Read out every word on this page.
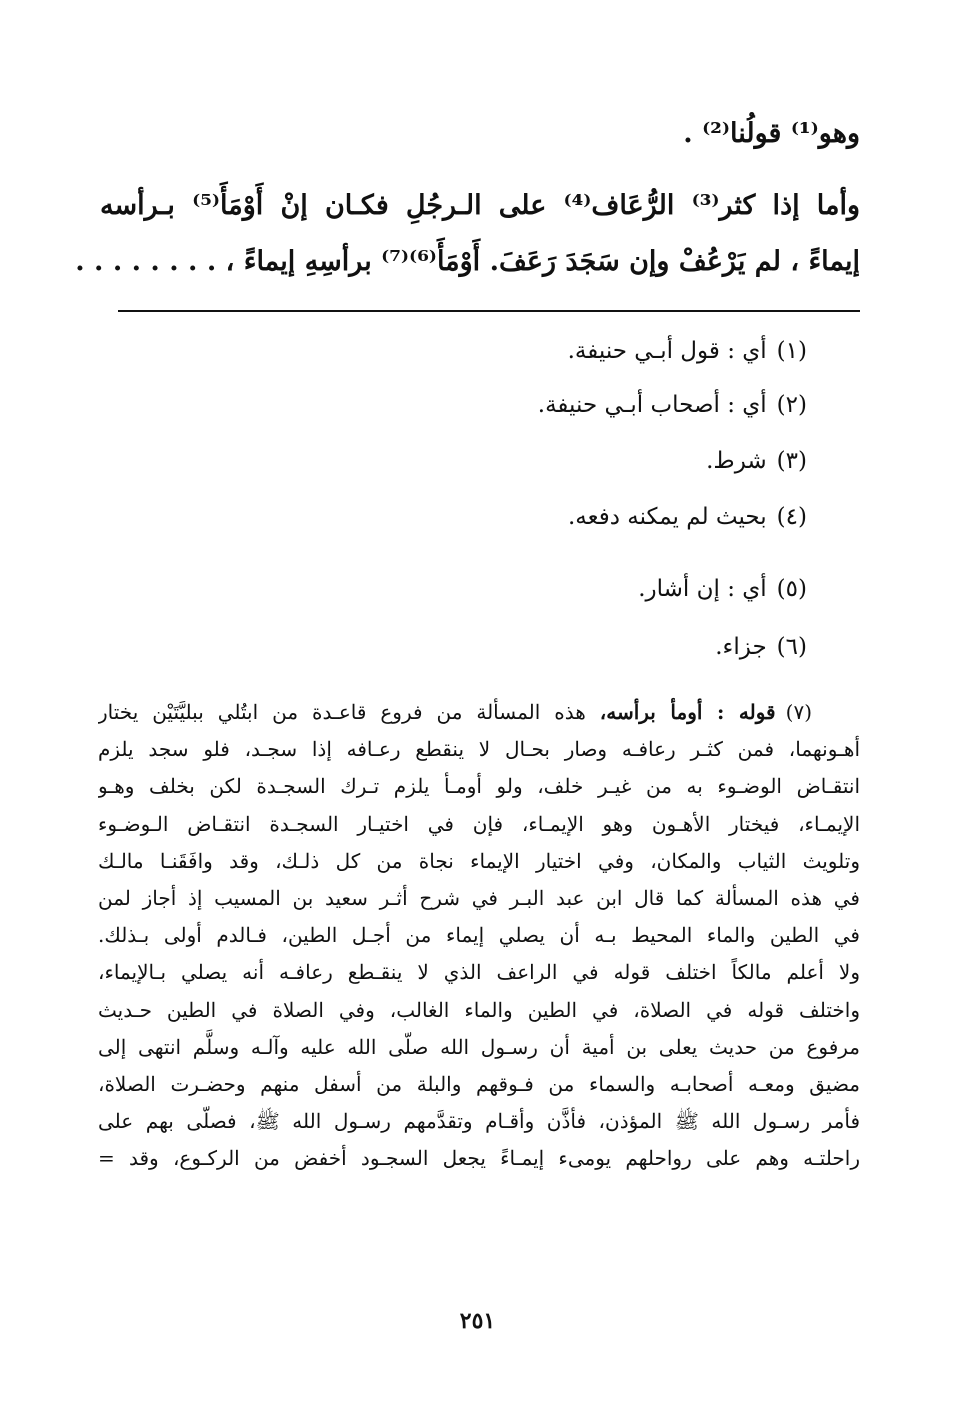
وهو⁽¹⁾ قولُنا⁽²⁾ .
وأما إذا كثر⁽³⁾ الرُّعَاف⁽⁴⁾ على الـرجُلِ فكـان إنْ أَوْمَأَ⁽⁵⁾ بـرأسه
إيماءً ، لم يَرْعُفْ وإن سَجَدَ رَعَفَ. أَوْمَأَ⁽⁶⁾⁽⁷⁾ برأسِهِ إيماءً ، . . . . . . . .
(١)أي : قول أبـي حنيفة.
(٢)أي : أصحاب أبـي حنيفة.
(٣)شرط.
(٤)بحيث لم يمكنه دفعه.
(٥)أي : إن أشار.
(٦)جزاء.
(٧)قوله : أومأ برأسه، هذه المسألة من فروع قاعـدة من ابتُلي ببليَّتَيْن يختار
أهـونهما، فمن كثـر رعافـه وصار بحـال لا ينقطع رعـافه إذا سجـد، فلو سجد يلزم
انتقـاض الوضـوء به من غيـر خلف، ولو أومـأ يلزم تـرك السجـدة لكن بخلف وهـو
الإيمـاء، فيختار الأهـون وهو الإيمـاء، فإن في اختيـار السجـدة انتقـاض الـوضـوء
وتلويث الثياب والمكان، وفي اختيار الإيماء نجاة من كل ذلـك، وقد وافَقَنـا مالـك
في هذه المسألة كما قال ابن عبد البـر في شرح أثـر سعيد بن المسيب إذ أجاز لمن
في الطين والماء المحيط بـه أن يصلي إيماء من أجـل الطين، فـالدم أولى بـذلك.
ولا أعلم مالكاً اختلف قوله في الراعف الذي لا ينقـطع رعافـه أنه يصلي بـالإيماء،
واختلف قوله في الصلاة، في الطين والماء الغالب، وفي الصلاة في الطين حـديث
مرفوع من حديث يعلى بن أمية أن رسـول الله صلّى الله عليه وآلـه وسلَّم انتهى إلى
مضيق ومعـه أصحابـه والسماء من فـوقهم والبلة من أسفل منهم وحضـرت الصلاة،
فأمر رسـول الله ﷺ المؤذن، فأذَّن وأقـام وتقدَّمهم رسـول الله ﷺ، فصلّى بهم على
راحلتـه وهم على رواحلهم يومىء إيمـاءً يجعل السجـود أخفض من الركـوع، وقد =
٢٥١
